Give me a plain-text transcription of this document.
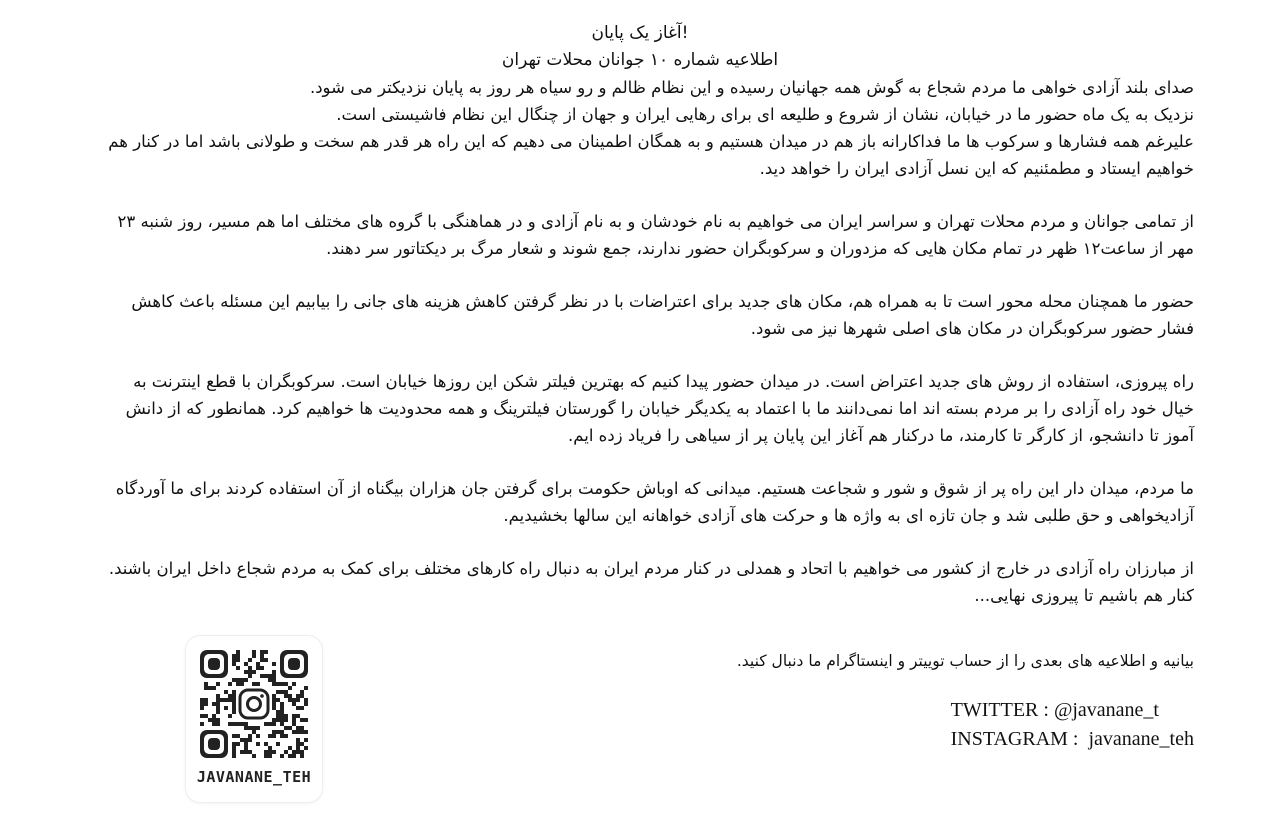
آغاز یک پایان!
اطلاعیه شماره ۱۰ جوانان محلات تهران
صدای بلند آزادی خواهی ما مردم شجاع به گوش همه جهانیان رسیده و این نظام ظالم و رو سیاه هر روز به پایان نزدیکتر می شود.
نزدیک به یک ماه حضور ما در خیابان، نشان از شروع و طلیعه ای برای رهایی ایران و جهان از چنگال این نظام فاشیستی است.
علیرغم همه فشارها و سرکوب ها ما فداکارانه باز هم در میدان هستیم و به همگان اطمینان می دهیم که این راه هر قدر هم سخت و طولانی باشد اما در کنار هم خواهیم ایستاد و مطمئنیم که این نسل آزادی ایران را خواهد دید.
از تمامی جوانان و مردم محلات تهران و سراسر ایران می خواهیم به نام خودشان و به نام آزادی و در هماهنگی با گروه های مختلف اما هم مسیر، روز شنبه ۲۳ مهر از ساعت۱۲ ظهر در تمام مکان هایی که مزدوران و سرکوبگران حضور ندارند، جمع شوند و شعار مرگ بر دیکتاتور سر دهند.
حضور ما همچنان محله محور است تا به همراه هم، مکان های جدید برای اعتراضات با در نظر گرفتن کاهش هزینه های جانی را بیابیم این مسئله باعث کاهش فشار حضور سرکوبگران در مکان های اصلی شهرها نیز می شود.
راه پیروزی، استفاده از روش های جدید اعتراض است. در میدان حضور پیدا کنیم که بهترین فیلتر شکن این روزها خیابان است. سرکوبگران با قطع اینترنت به خیال خود راه آزادی را بر مردم بسته اند اما نمی‌دانند ما با اعتماد به یکدیگر خیابان را گورستان فیلترینگ و همه محدودیت ها خواهیم کرد. همانطور که از دانش آموز تا دانشجو، از کارگر تا کارمند، ما درکنار هم آغاز این پایان پر از سیاهی را فریاد زده ایم.
ما مردم، میدان دار این راه پر از شوق و شور و شجاعت هستیم. میدانی که اوباش حکومت برای گرفتن جان هزاران بیگناه از آن استفاده کردند برای ما آوردگاه آزادیخواهی و حق طلبی شد و جان تازه ای به واژه ها و حرکت های آزادی خواهانه این سالها بخشیدیم.
از مبارزان راه آزادی در خارج از کشور می خواهیم با اتحاد و همدلی در کنار مردم ایران به دنبال راه کارهای مختلف برای کمک به مردم شجاع داخل ایران باشند.
کنار هم باشیم تا پیروزی نهایی...
بیانیه و اطلاعیه های بعدی را از حساب توییتر و اینستاگرام ما دنبال کنید.
TWITTER : @javanane_t
INSTAGRAM :  javanane_teh
JAVANANE_TEH
